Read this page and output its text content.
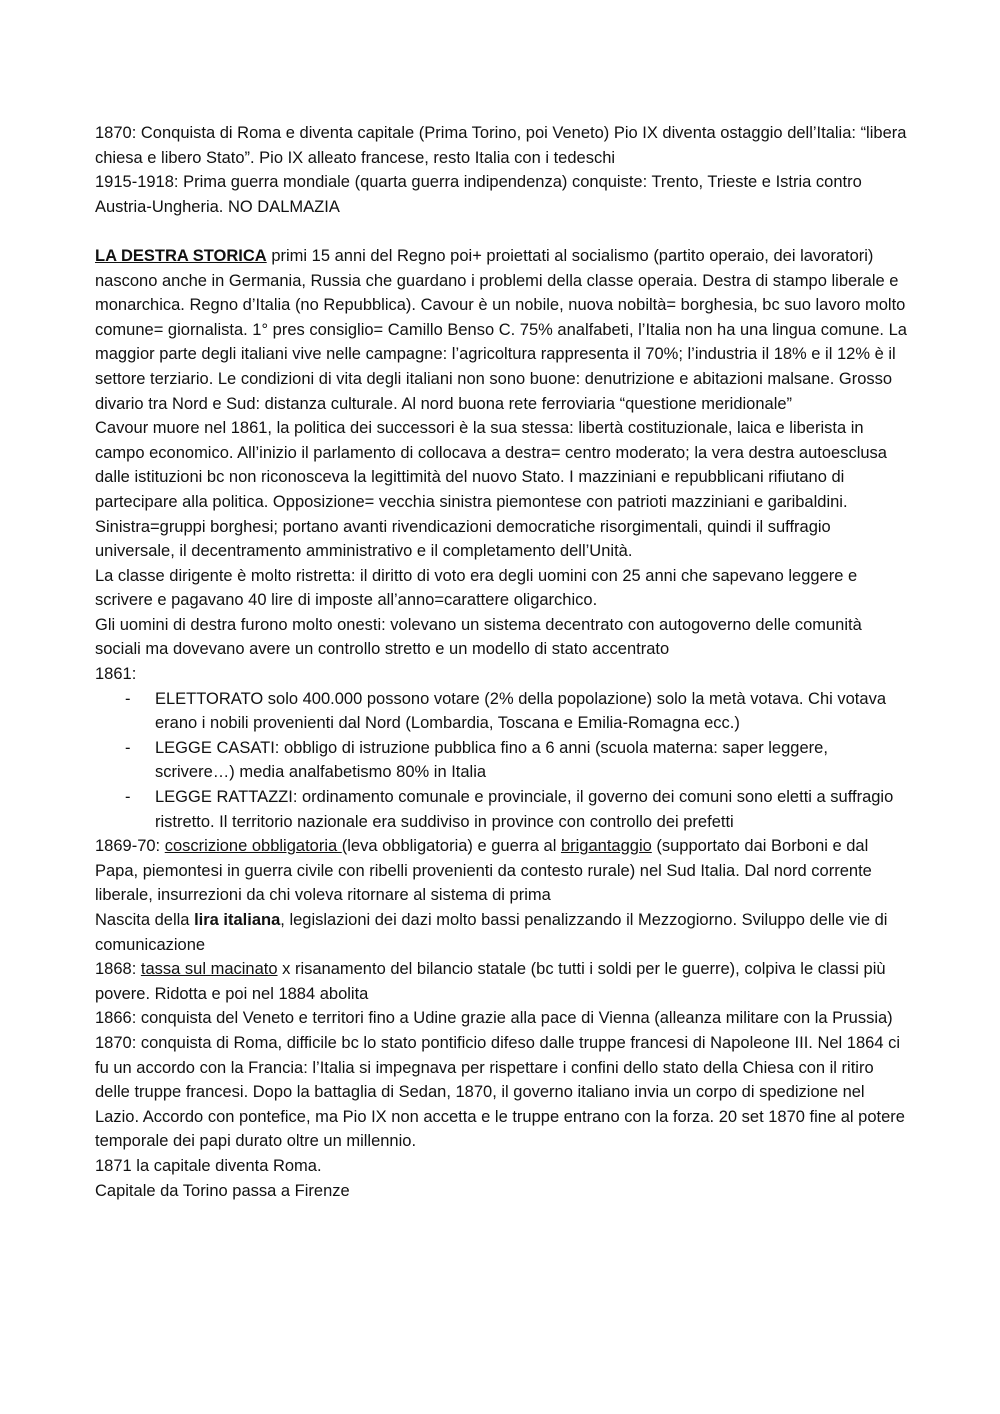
1870: Conquista di Roma e diventa capitale (Prima Torino, poi Veneto) Pio IX diventa ostaggio dell’Italia: “libera chiesa e libero Stato”. Pio IX alleato francese, resto Italia con i tedeschi

1915-1918: Prima guerra mondiale (quarta guerra indipendenza) conquiste: Trento, Trieste e Istria contro Austria-Ungheria. NO DALMAZIA

LA DESTRA STORICA primi 15 anni del Regno poi+ proiettati al socialismo (partito operaio, dei lavoratori) nascono anche in Germania, Russia che guardano i problemi della classe operaia. Destra di stampo liberale e monarchica. Regno d’Italia (no Repubblica). Cavour è un nobile, nuova nobiltà= borghesia, bc suo lavoro molto comune= giornalista. 1° pres consiglio= Camillo Benso C. 75% analfabeti, l’Italia non ha una lingua comune. La maggior parte degli italiani vive nelle campagne: l’agricoltura rappresenta il 70%; l’industria il 18% e il 12% è il settore terziario. Le condizioni di vita degli italiani non sono buone: denutrizione e abitazioni malsane. Grosso divario tra Nord e Sud: distanza culturale. Al nord buona rete ferroviaria “questione meridionale”

Cavour muore nel 1861, la politica dei successori è la sua stessa: libertà costituzionale, laica e liberista in campo economico. All’inizio il parlamento di collocava a destra= centro moderato; la vera destra autoesclusa dalle istituzioni bc non riconosceva la legittimità del nuovo Stato. I mazziniani e repubblicani rifiutano di partecipare alla politica. Opposizione= vecchia sinistra piemontese con patrioti mazziniani e garibaldini. Sinistra=gruppi borghesi; portano avanti rivendicazioni democratiche risorgimentali, quindi il suffragio universale, il decentramento amministrativo e il completamento dell’Unità.

La classe dirigente è molto ristretta: il diritto di voto era degli uomini con 25 anni che sapevano leggere e scrivere e pagavano 40 lire di imposte all’anno=carattere oligarchico.

Gli uomini di destra furono molto onesti: volevano un sistema decentrato con autogoverno delle comunità sociali ma dovevano avere un controllo stretto e un modello di stato accentrato

1861:

- ELETTORATO solo 400.000 possono votare (2% della popolazione) solo la metà votava. Chi votava erano i nobili provenienti dal Nord (Lombardia, Toscana e Emilia-Romagna ecc.)
- LEGGE CASATI: obbligo di istruzione pubblica fino a 6 anni (scuola materna: saper leggere, scrivere…) media analfabetismo 80% in Italia
- LEGGE RATTAZZI: ordinamento comunale e provinciale, il governo dei comuni sono eletti a suffragio ristretto. Il territorio nazionale era suddiviso in province con controllo dei prefetti

1869-70: coscrizione obbligatoria (leva obbligatoria) e guerra al brigantaggio (supportato dai Borboni e dal Papa, piemontesi in guerra civile con ribelli provenienti da contesto rurale) nel Sud Italia. Dal nord corrente liberale, insurrezioni da chi voleva ritornare al sistema di prima

Nascita della lira italiana, legislazioni dei dazi molto bassi penalizzando il Mezzogiorno. Sviluppo delle vie di comunicazione

1868: tassa sul macinato x risanamento del bilancio statale (bc tutti i soldi per le guerre), colpiva le classi più povere. Ridotta e poi nel 1884 abolita

1866: conquista del Veneto e territori fino a Udine grazie alla pace di Vienna (alleanza militare con la Prussia)

1870: conquista di Roma, difficile bc lo stato pontificio difeso dalle truppe francesi di Napoleone III. Nel 1864 ci fu un accordo con la Francia: l’Italia si impegnava per rispettare i confini dello stato della Chiesa con il ritiro delle truppe francesi. Dopo la battaglia di Sedan, 1870, il governo italiano invia un corpo di spedizione nel Lazio. Accordo con pontefice, ma Pio IX non accetta e le truppe entrano con la forza. 20 set 1870 fine al potere temporale dei papi durato oltre un millennio.

1871 la capitale diventa Roma.

Capitale da Torino passa a Firenze
